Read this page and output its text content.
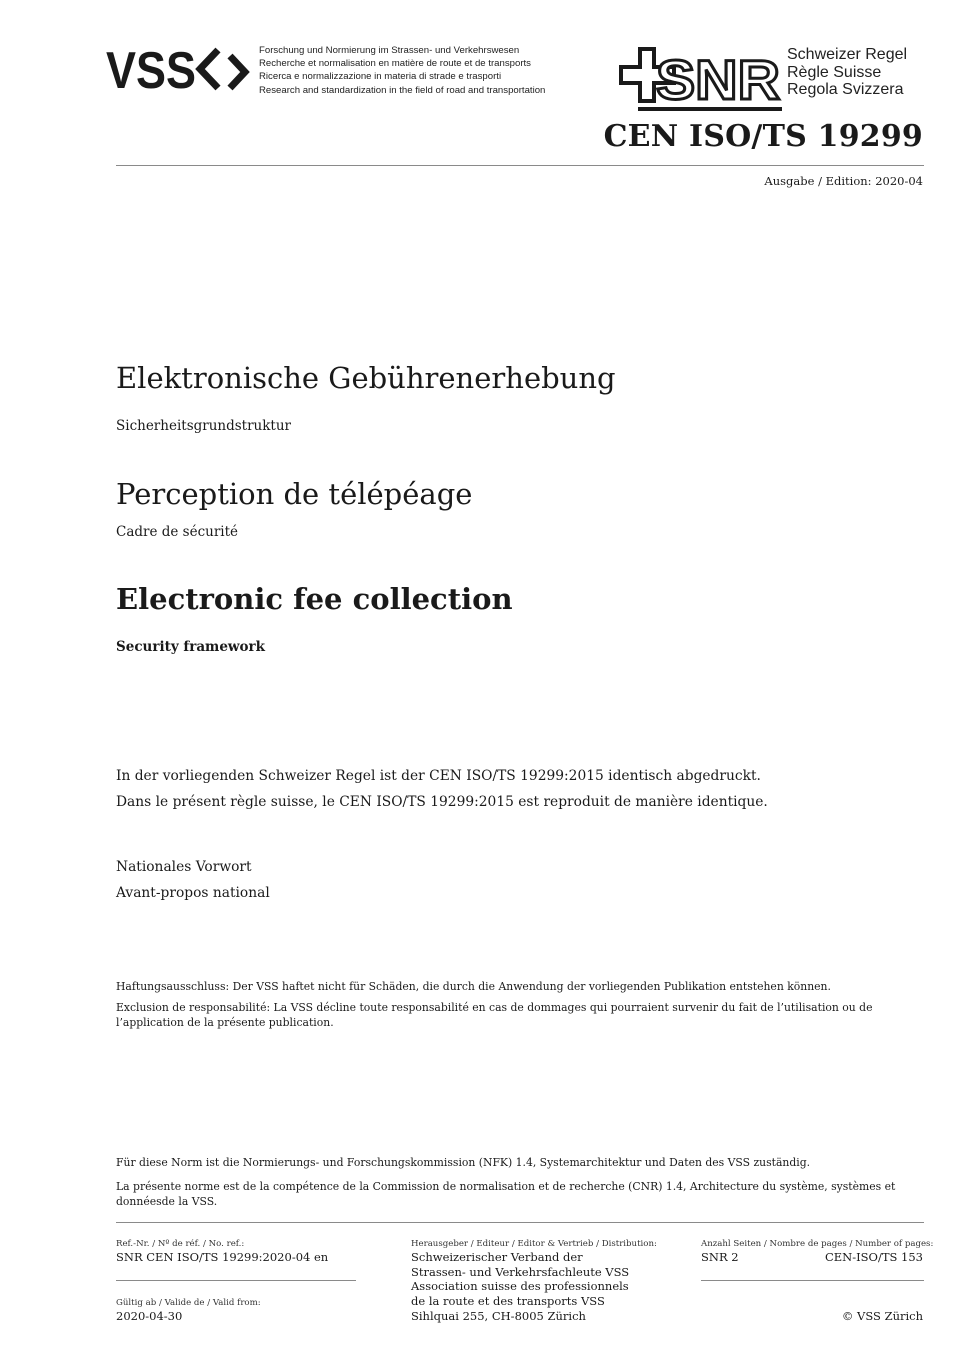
VSS	Forschung und Normierung im Strassen- und Verkehrswesen
Recherche et normalisation en matière de route et de transports
Ricerca e normalizzazione in materia di strade e trasporti
Research and standardization in the field of road and transportation SNR Schweizer Regel
Règle Suisse
Regola Svizzera
CEN ISO/TS 19299
Ausgabe / Edition: 2020-04
Elektronische Gebührenerhebung
Sicherheitsgrundstruktur
Perception de télépéage
Cadre de sécurité
Electronic fee collection
Security framework
In der vorliegenden Schweizer Regel ist der CEN ISO/TS 19299:2015 identisch abgedruckt.
Dans le présent règle suisse, le CEN ISO/TS 19299:2015 est reproduit de manière identique.
Nationales Vorwort
Avant-propos national
Haftungsausschluss: Der VSS haftet nicht für Schäden, die durch die Anwendung der vorliegenden Publikation entstehen können.
Exclusion de responsabilité: La VSS décline toute responsabilité en cas de dommages qui pourraient survenir du fait de l’utilisation ou de l’application de la présente publication.
Für diese Norm ist die Normierungs- und Forschungskommission (NFK) 1.4, Systemarchitektur und Daten des VSS zuständig.
La présente norme est de la compétence de la Commission de normalisation et de recherche (CNR) 1.4, Architecture du système, systèmes et donnéesde la VSS.
Ref.-Nr. / Nº de réf. / No. ref.:
SNR CEN ISO/TS 19299:2020-04 en
Gültig ab / Valide de / Valid from:
2020-04-30
Herausgeber / Editeur / Editor & Vertrieb / Distribution:
Schweizerischer Verband der
Strassen- und Verkehrsfachleute VSS
Association suisse des professionnels
de la route et des transports VSS
Sihlquai 255, CH-8005 Zürich
Anzahl Seiten / Nombre de pages / Number of pages:
SNR 2	CEN-ISO/TS 153
© VSS Zürich
